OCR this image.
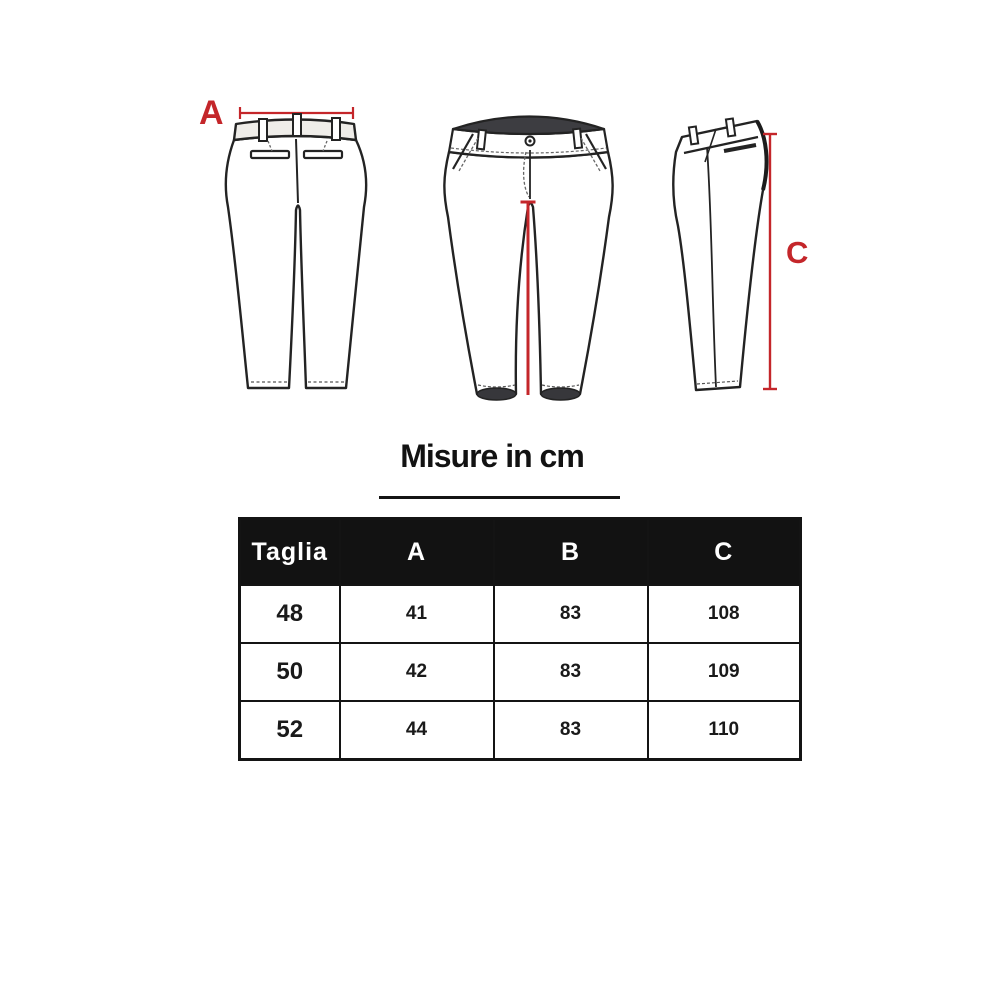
A
C
Misure in cm
Taglia	A	B	C
48	41	83	108
50	42	83	109
52	44	83	110
